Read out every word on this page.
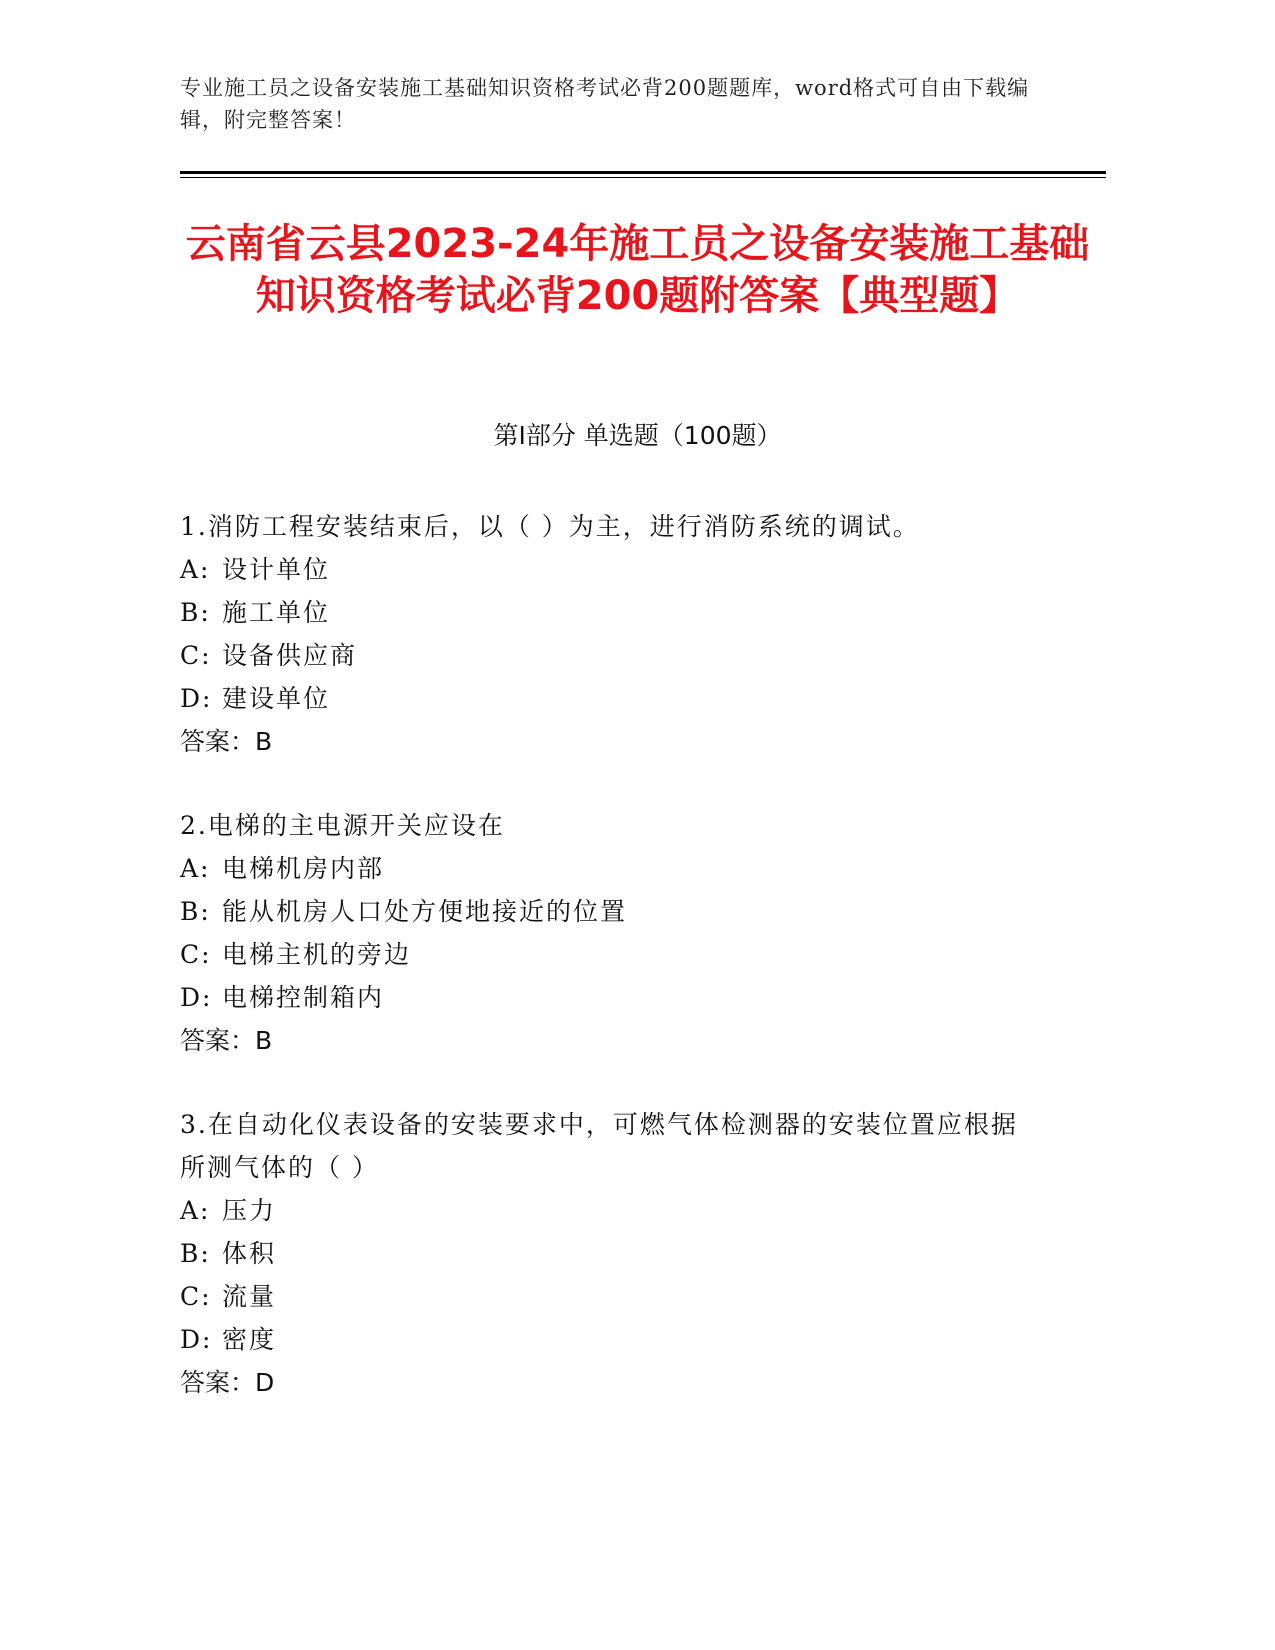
专业施工员之设备安装施工基础知识资格考试必背200题题库，word格式可自由下载编辑，附完整答案！
云南省云县2023-24年施工员之设备安装施工基础知识资格考试必背200题附答案【典型题】
第I部分 单选题（100题）

1.消防工程安装结束后，以（ ）为主，进行消防系统的调试。

A: 设计单位

B: 施工单位

C: 设备供应商

D: 建设单位

答案：B

2.电梯的主电源开关应设在

A: 电梯机房内部

B: 能从机房人口处方便地接近的位置

C: 电梯主机的旁边

D: 电梯控制箱内

答案：B

3.在自动化仪表设备的安装要求中，可燃气体检测器的安装位置应根据所测气体的（ ）

A: 压力

B: 体积

C: 流量

D: 密度

答案：D
